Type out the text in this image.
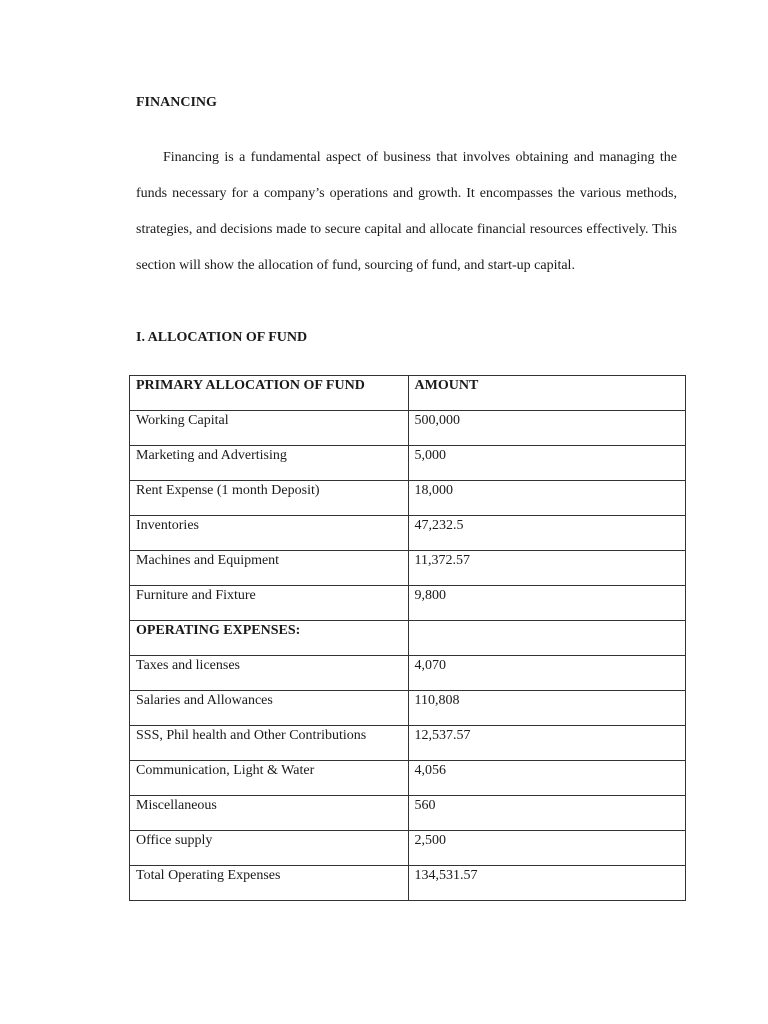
FINANCING

Financing is a fundamental aspect of business that involves obtaining and managing the funds necessary for a company’s operations and growth. It encompasses the various methods, strategies, and decisions made to secure capital and allocate financial resources effectively. This section will show the allocation of fund, sourcing of fund, and start-up capital.

I. ALLOCATION OF FUND
PRIMARY ALLOCATION OF FUND	AMOUNT
Working Capital	500,000
Marketing and Advertising	5,000
Rent Expense (1 month Deposit)	18,000
Inventories	47,232.5
Machines and Equipment	11,372.57
Furniture and Fixture	9,800
OPERATING EXPENSES:	
Taxes and licenses	4,070
Salaries and Allowances	110,808
SSS, Phil health and Other Contributions	12,537.57
Communication, Light & Water	4,056
Miscellaneous	560
Office supply	2,500
Total Operating Expenses	134,531.57
